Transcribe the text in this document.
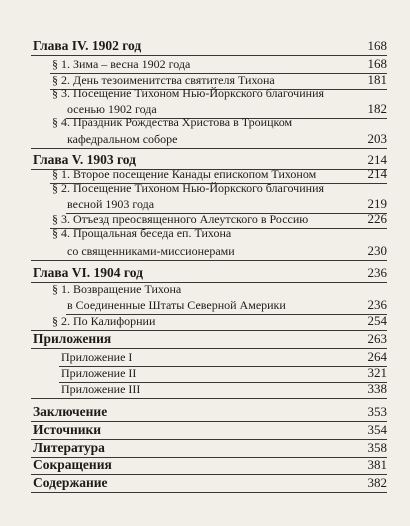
Глава IV. 1902 год	168
§ 1. Зима – весна 1902 года	168
§ 2. День тезоименитства святителя Тихона	181
§ 3. Посещение Тихоном Нью-Йоркского благочиния
осенью 1902 года	182
§ 4. Праздник Рождества Христова в Троицком
кафедральном соборе	203
Глава V. 1903 год	214
§ 1. Второе посещение Канады епископом Тихоном	214
§ 2. Посещение Тихоном Нью-Йоркского благочиния
весной 1903 года	219
§ 3. Отъезд преосвященного Алеутского в Россию	226
§ 4. Прощальная беседа еп. Тихона
со священниками-миссионерами	230
Глава VI. 1904 год	236
§ 1. Возвращение Тихона
в Соединенные Штаты Северной Америки	236
§ 2. По Калифорнии	254
Приложения	263
Приложение I	264
Приложение II	321
Приложение III	338
Заключение	353
Источники	354
Литература	358
Сокращения	381
Содержание	382
